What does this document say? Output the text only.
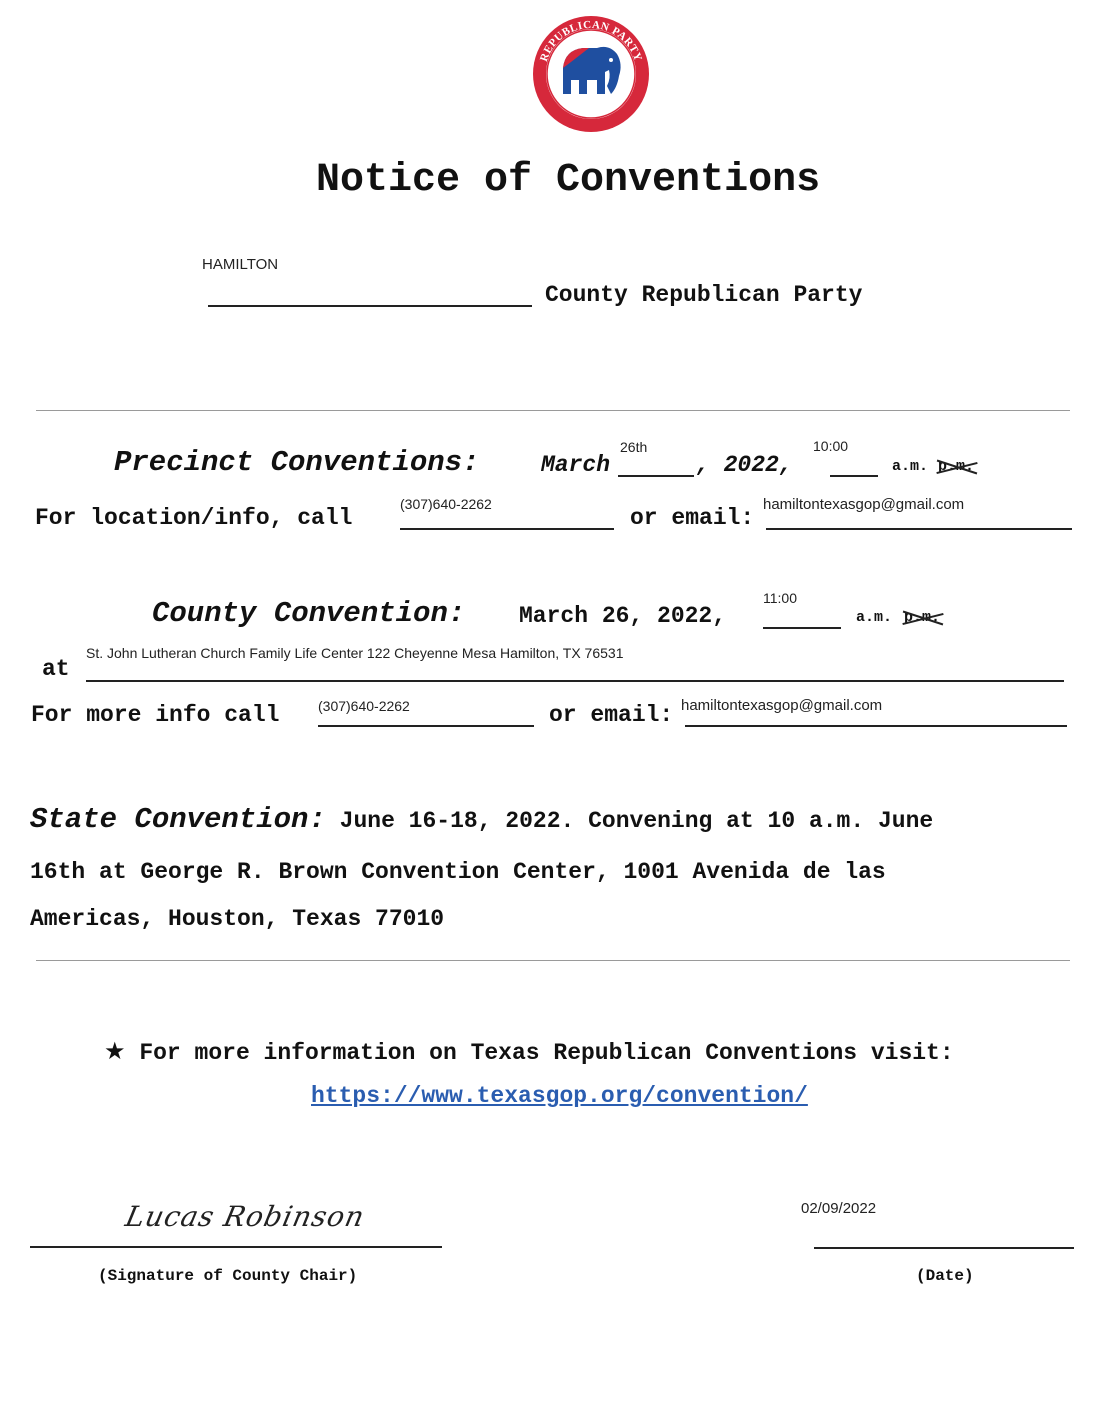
REPUBLICAN PARTY
OF TEXAS
Notice of Conventions
HAMILTON
County Republican Party
Precinct Conventions:	March
26th
, 2022,
10:00
a.m. p.m.
For location/info, call
(307)640-2262
or email:
hamiltontexasgop@gmail.com
County Convention: March 26, 2022,
11:00
a.m. p.m.
at
St. John Lutheran Church Family Life Center 122 Cheyenne Mesa Hamilton, TX 76531
For more info call	(307)640-2262	or email: hamiltontexasgop@gmail.com
State Convention: June 16-18, 2022. Convening at 10 a.m. June
16th at George R. Brown Convention Center, 1001 Avenida de las
Americas, Houston, Texas 77010
★ For more information on Texas Republican Conventions visit:
https://www.texasgop.org/convention/
Lucas Robinson
(Signature of County Chair)
02/09/2022
(Date)
